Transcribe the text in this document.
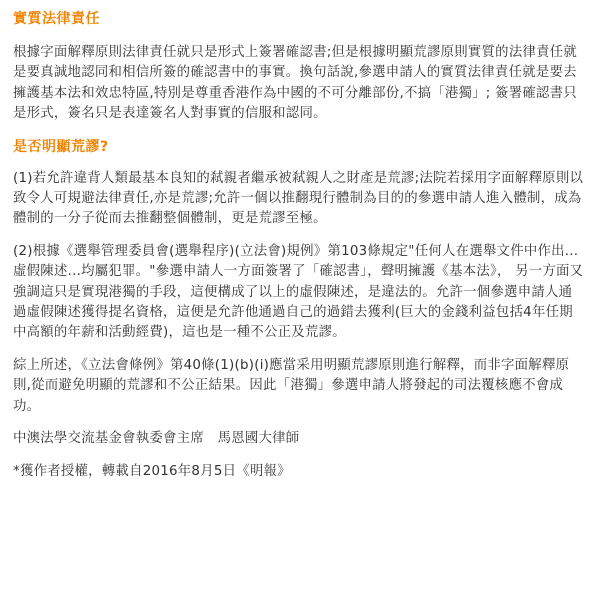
實質法律責任

根據字面解釋原則法律責任就只是形式上簽署確認書;但是根據明顯荒謬原則實質的法律責任就是要真誠地認同和相信所簽的確認書中的事實。換句話說,參選申請人的實質法律責任就是要去擁護基本法和效忠特區,特別是尊重香港作為中國的不可分離部份,不搞「港獨」; 簽署確認書只是形式，簽名只是表達簽名人對事實的信服和認同。

是否明顯荒謬?

(1)若允許違背人類最基本良知的弒親者繼承被弒親人之財產是荒謬;法院若採用字面解釋原則以致令人可規避法律責任,亦是荒謬;允許一個以推翻現行體制為目的的參選申請人進入體制，成為體制的一分子從而去推翻整個體制，更是荒謬至極。

(2)根據《選舉管理委員會(選舉程序)(立法會)規例》第103條規定"任何人在選舉文件中作出...虛假陳述...均屬犯罪。"參選申請人一方面簽署了「確認書」，聲明擁護《基本法》， 另一方面又強調這只是實現港獨的手段，這便構成了以上的虛假陳述，是違法的。允許一個參選申請人通過虛假陳述獲得提名資格，這便是允許他通過自己的過錯去獲利(巨大的金錢利益包括4年任期中高額的年薪和活動經費)，這也是一種不公正及荒謬。

綜上所述，《立法會條例》第40條(1)(b)(i)應當采用明顯荒謬原則進行解釋，而非字面解釋原則,從而避免明顯的荒謬和不公正結果。因此「港獨」參選申請人將發起的司法覆核應不會成功。

中澳法學交流基金會執委會主席　馬恩國大律師

*獲作者授權，轉載自2016年8月5日《明報》
